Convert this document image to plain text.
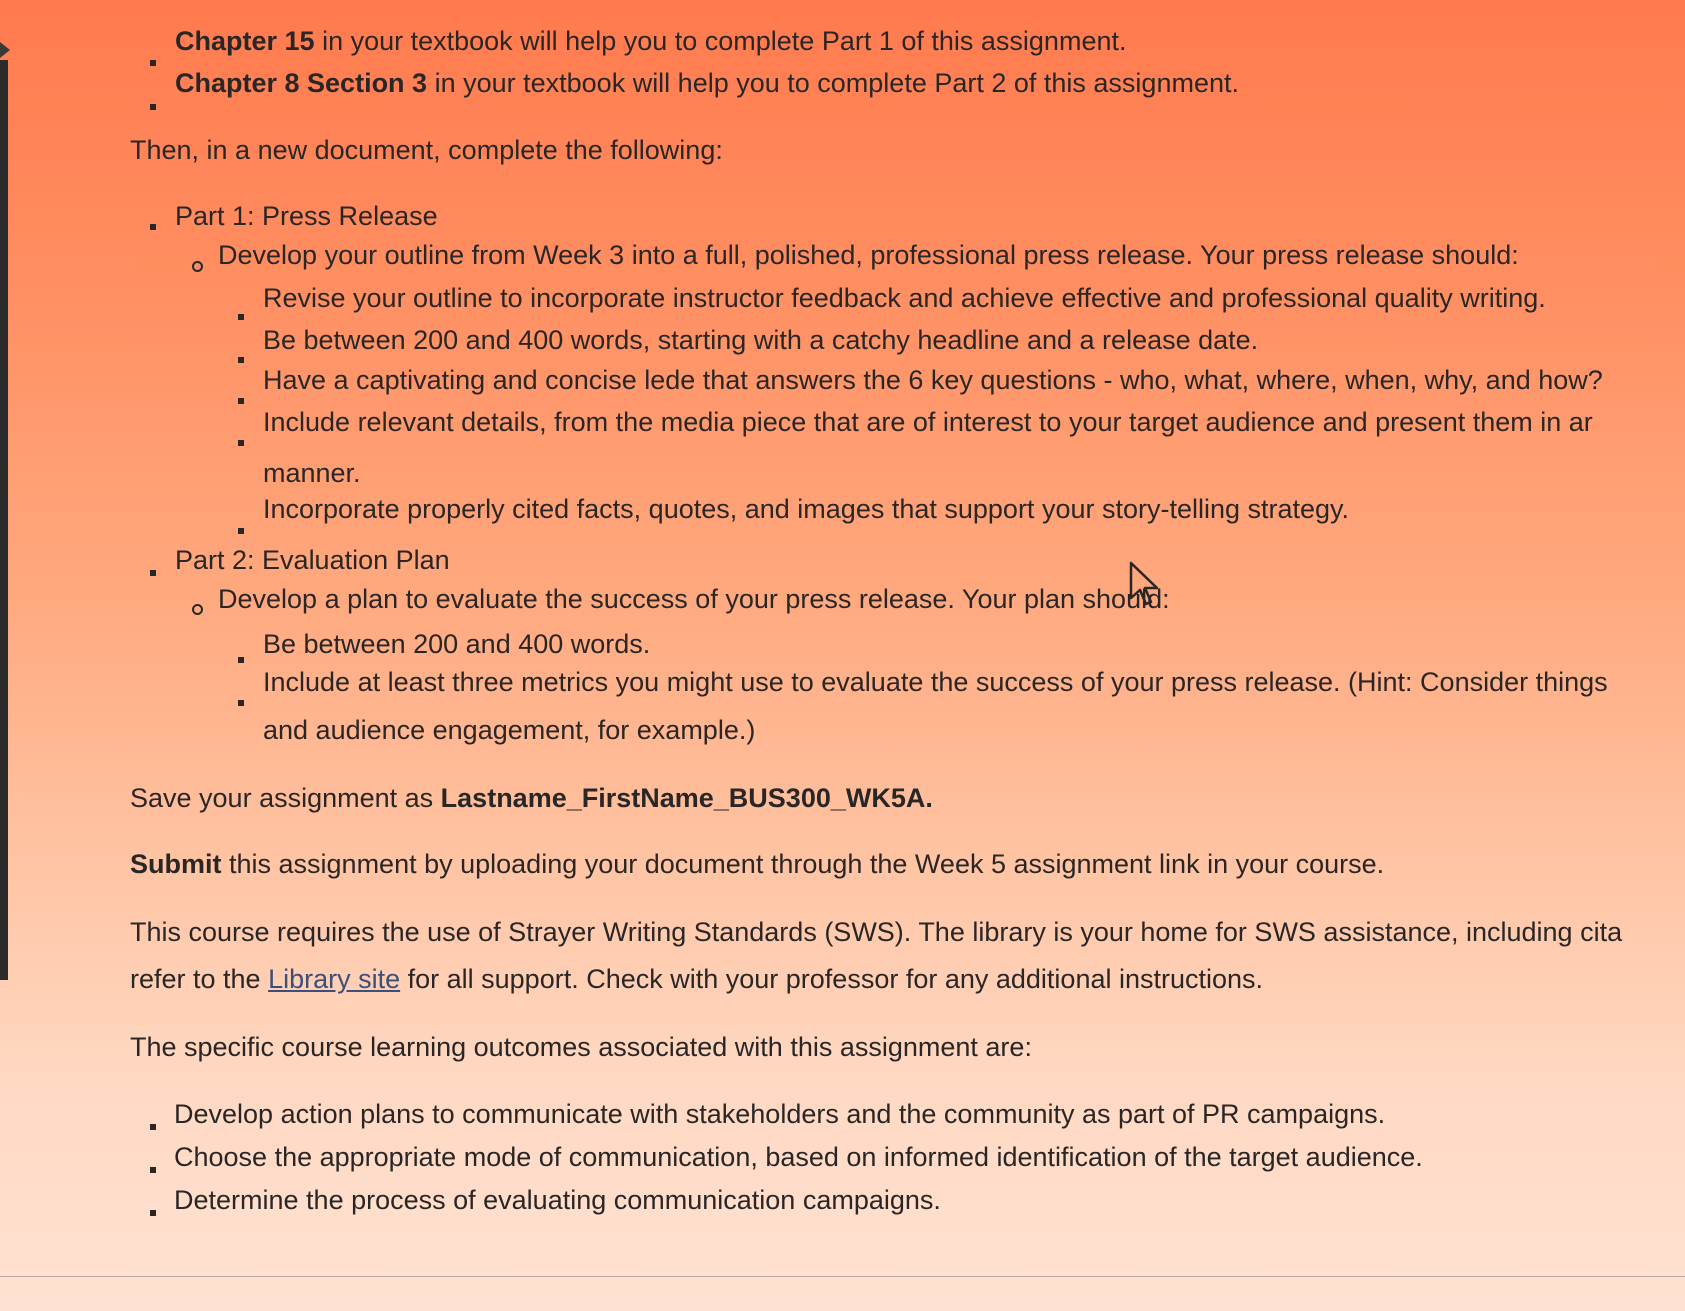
Chapter 15 in your textbook will help you to complete Part 1 of this assignment.
Chapter 8 Section 3 in your textbook will help you to complete Part 2 of this assignment.
Then, in a new document, complete the following:
Part 1: Press Release
Develop your outline from Week 3 into a full, polished, professional press release. Your press release should:
Revise your outline to incorporate instructor feedback and achieve effective and professional quality writing.
Be between 200 and 400 words, starting with a catchy headline and a release date.
Have a captivating and concise lede that answers the 6 key questions - who, what, where, when, why, and how?
Include relevant details, from the media piece that are of interest to your target audience and present them in ar
manner.
Incorporate properly cited facts, quotes, and images that support your story-telling strategy.
Part 2: Evaluation Plan
Develop a plan to evaluate the success of your press release. Your plan should:
Be between 200 and 400 words.
Include at least three metrics you might use to evaluate the success of your press release. (Hint: Consider things
and audience engagement, for example.)
Save your assignment as Lastname_FirstName_BUS300_WK5A.
Submit this assignment by uploading your document through the Week 5 assignment link in your course.
This course requires the use of Strayer Writing Standards (SWS). The library is your home for SWS assistance, including cita
refer to the Library site for all support. Check with your professor for any additional instructions.
The specific course learning outcomes associated with this assignment are:
Develop action plans to communicate with stakeholders and the community as part of PR campaigns.
Choose the appropriate mode of communication, based on informed identification of the target audience.
Determine the process of evaluating communication campaigns.
